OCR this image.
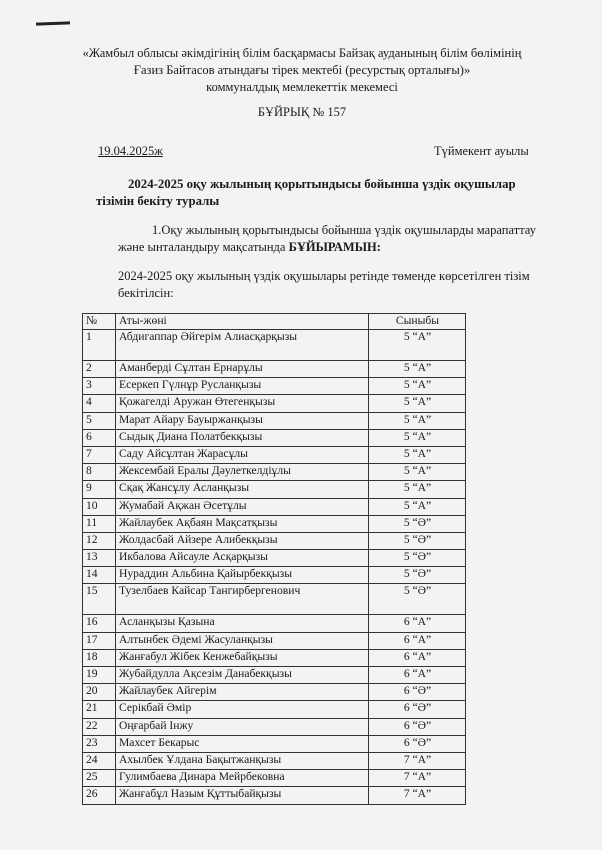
«Жамбыл облысы әкімдігінің білім басқармасы Байзақ ауданының білім бөлімінің
Ғазиз Байтасов атындағы тірек мектебі (ресурстық орталығы)»
коммуналдық мемлекеттік мекемесі
БҰЙРЫҚ № 157
19.04.2025ж	Түймекент ауылы
2024-2025 оқу жылының қорытындысы бойынша үздік оқушылар
тізімін бекіту туралы
1.Оқу жылының қорытындысы бойынша үздік оқушыларды марапаттау
және ынталандыру мақсатында БҰЙЫРАМЫН:
2024-2025 оқу жылының үздік оқушылары ретінде төменде көрсетілген тізім
бекітілсін:
№	Аты-жөні	Сыныбы
1	Абдигаппар Әйгерім Алиасқарқызы	5 “А”
2	Аманберді Сұлтан Ернарұлы	5 “А”
3	Есеркеп Гүлнұр Русланқызы	5 “А”
4	Қожагелді Аружан Өтегенқызы	5 “А”
5	Марат Айару Бауыржанқызы	5 “А”
6	Сыдық Диана Полатбекқызы	5 “А”
7	Саду Айсұлтан Жарасұлы	5 “А”
8	Жексембай Ералы Дәулеткелдіұлы	5 “А”
9	Сқақ Жансұлу Асланқызы	5 “А”
10	Жумабай Ақжан Әсетұлы	5 “А”
11	Жайлаубек Ақбаян Мақсатқызы	5 “Ә”
12	Жолдасбай Айзере Алибекқызы	5 “Ә”
13	Икбалова Айсауле Асқарқызы	5 “Ә”
14	Нураддин Альбина Қайырбекқызы	5 “Ә”
15	Тузелбаев Кайсар Тангирбергенович	5 “Ә”
16	Асланқызы Қазына	6 “А”
17	Алтынбек Әдемі Жасуланқызы	6 “А”
18	Жанғабул Жібек Кенжебайқызы	6 “А”
19	Жубайдулла Ақсезім Данабекқызы	6 “А”
20	Жайлаубек Айгерім	6 “Ә”
21	Серікбай Әмір	6 “Ә”
22	Оңғарбай Інжу	6 “Ә”
23	Махсет Бекарыс	6 “Ә”
24	Ахылбек Ұлдана Бақытжанқызы	7 “А”
25	Гулимбаева Динара Мейрбековна	7 “А”
26	Жанғабұл Назым Құттыбайқызы	7 “А”
